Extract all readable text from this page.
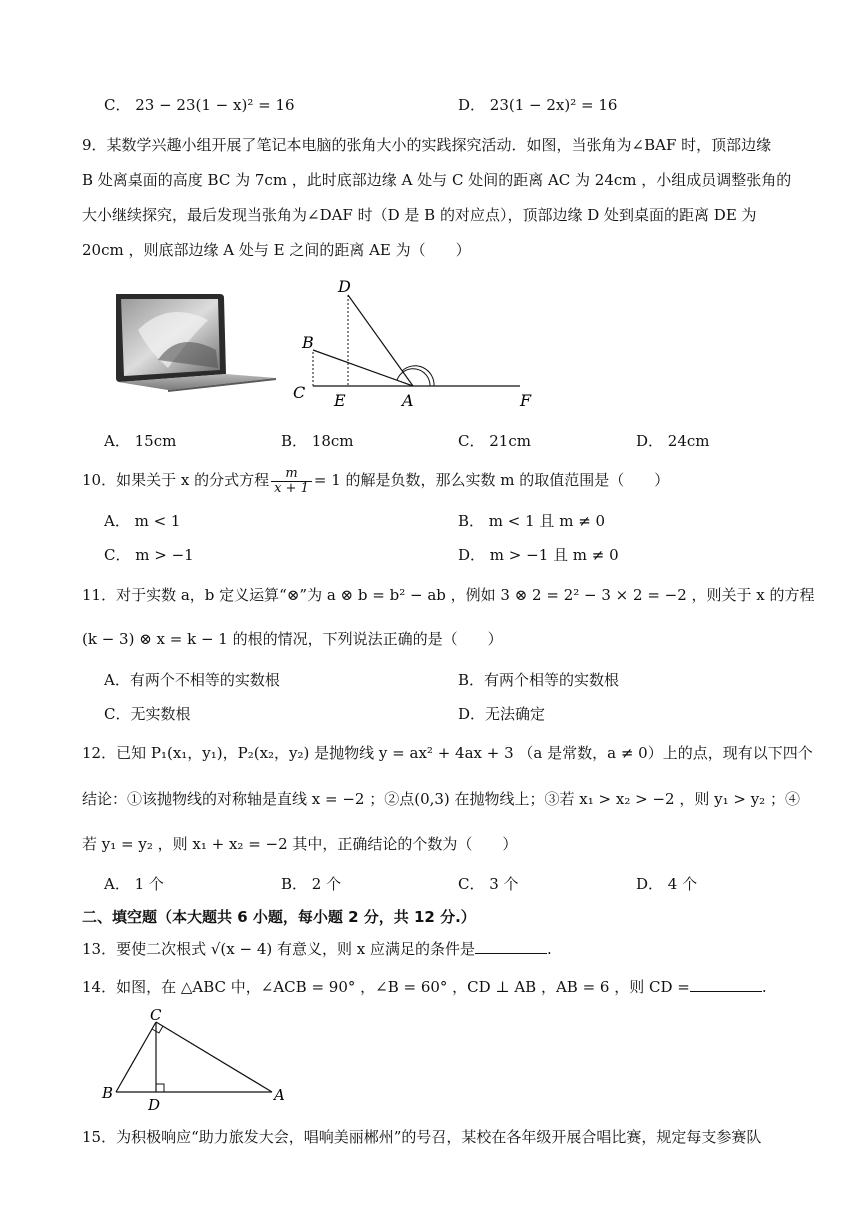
C． 23 − 23(1 − x)² = 16	D． 23(1 − 2x)² = 16
9．某数学兴趣小组开展了笔记本电脑的张角大小的实践探究活动．如图，当张角为∠BAF 时，顶部边缘
B 处离桌面的高度 BC 为 7cm ，此时底部边缘 A 处与 C 处间的距离 AC 为 24cm ，小组成员调整张角的
大小继续探究，最后发现当张角为∠DAF 时（D 是 B 的对应点），顶部边缘 D 处到桌面的距离 DE 为
20cm ，则底部边缘 A 处与 E 之间的距离 AE 为（　　）
D
B
C E	A	F
A． 15cm	B． 18cm	C． 21cm	D． 24cm
10．如果关于 x 的分式方程 $\frac{m}{x + 1} = 1$ 的解是负数，那么实数 m 的取值范围是（　　）
A． m < 1	B． m < 1 且 m ≠ 0
C． m > −1	D． m > −1 且 m ≠ 0
11．对于实数 a，b 定义运算“⊗”为 a ⊗ b = b² − ab ，例如 3 ⊗ 2 = 2² − 3 × 2 = −2 ，则关于 x 的方程
(k − 3) ⊗ x = k − 1 的根的情况，下列说法正确的是（　　）
A．有两个不相等的实数根	B．有两个相等的实数根
C．无实数根	D．无法确定
12．已知 P₁(x₁，y₁)，P₂(x₂，y₂) 是抛物线 y = ax² + 4ax + 3 （a 是常数，a ≠ 0）上的点，现有以下四个
结论：①该抛物线的对称轴是直线 x = −2 ；②点(0,3) 在抛物线上；③若 x₁ > x₂ > −2 ，则 y₁ > y₂ ；④
若 y₁ = y₂ ，则 x₁ + x₂ = −2 其中，正确结论的个数为（　　）
A． 1 个	B． 2 个	C． 3 个	D． 4 个
二、填空题（本大题共 6 小题，每小题 2 分，共 12 分.）
13．要使二次根式 √(x − 4) 有意义，则 x 应满足的条件是	.
14．如图，在 △ABC 中，∠ACB = 90° ，∠B = 60° ，CD ⊥ AB ，AB = 6 ，则 CD =	.
C
B
D
A
15．为积极响应“助力旅发大会，唱响美丽郴州”的号召，某校在各年级开展合唱比赛，规定每支参赛队
